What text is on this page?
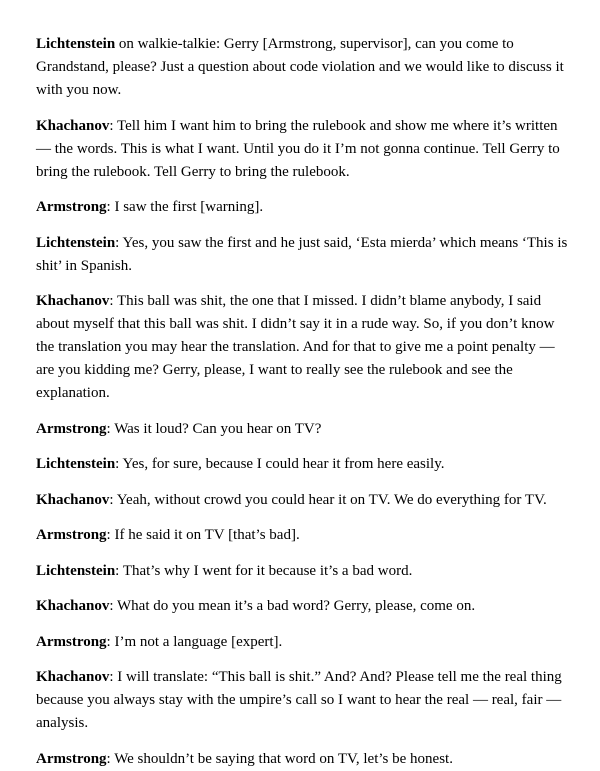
Lichtenstein on walkie-talkie: Gerry [Armstrong, supervisor], can you come to Grandstand, please? Just a question about code violation and we would like to discuss it with you now.

Khachanov: Tell him I want him to bring the rulebook and show me where it’s written — the words. This is what I want. Until you do it I’m not gonna continue. Tell Gerry to bring the rulebook. Tell Gerry to bring the rulebook.

Armstrong: I saw the first [warning].

Lichtenstein: Yes, you saw the first and he just said, ‘Esta mierda’ which means ‘This is shit’ in Spanish.

Khachanov: This ball was shit, the one that I missed. I didn’t blame anybody, I said about myself that this ball was shit. I didn’t say it in a rude way. So, if you don’t know the translation you may hear the translation. And for that to give me a point penalty — are you kidding me? Gerry, please, I want to really see the rulebook and see the explanation.

Armstrong: Was it loud? Can you hear on TV?

Lichtenstein: Yes, for sure, because I could hear it from here easily.

Khachanov: Yeah, without crowd you could hear it on TV. We do everything for TV.

Armstrong: If he said it on TV [that’s bad].

Lichtenstein: That’s why I went for it because it’s a bad word.

Khachanov: What do you mean it’s a bad word? Gerry, please, come on.

Armstrong: I’m not a language [expert].

Khachanov: I will translate: “This ball is shit.” And? And? Please tell me the real thing because you always stay with the umpire’s call so I want to hear the real — real, fair — analysis.

Armstrong: We shouldn’t be saying that word on TV, let’s be honest.
